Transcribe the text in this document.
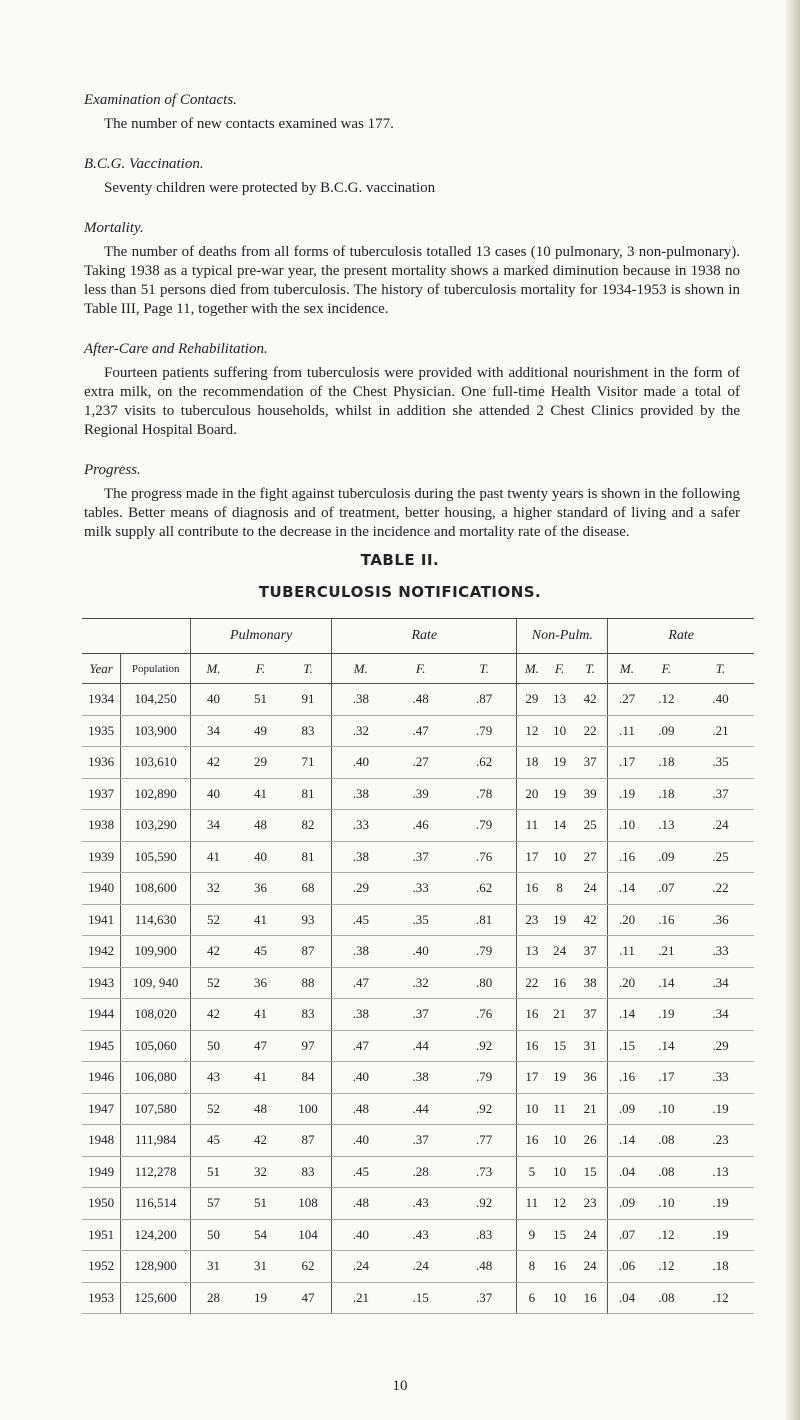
Examination of Contacts.

The number of new contacts examined was 177.

B.C.G. Vaccination.

Seventy children were protected by B.C.G. vaccination

Mortality.

The number of deaths from all forms of tuberculosis totalled 13 cases (10 pulmonary, 3 non-pulmonary). Taking 1938 as a typical pre-war year, the present mortality shows a marked diminution because in 1938 no less than 51 persons died from tuberculosis. The history of tuberculosis mortality for 1934-1953 is shown in Table III, Page 11, together with the sex incidence.

After-Care and Rehabilitation.

Fourteen patients suffering from tuberculosis were provided with additional nourishment in the form of extra milk, on the recommendation of the Chest Physician. One full-time Health Visitor made a total of 1,237 visits to tuberculous households, whilst in addition she attended 2 Chest Clinics provided by the Regional Hospital Board.

Progress.

The progress made in the fight against tuberculosis during the past twenty years is shown in the following tables. Better means of diagnosis and of treatment, better housing, a higher standard of living and a safer milk supply all contribute to the decrease in the incidence and mortality rate of the disease.

TABLE II.
TUBERCULOSIS NOTIFICATIONS.
		Pulmonary			Rate			Non-Pulm.			Rate		
Year	Population	M.	F.	T.	M.	F.	T.	M.	F.	T.	M.	F.	T.
1934	104,250	40	51	91	.38	.48	.87	29	13	42	.27	.12	.40
1935	103,900	34	49	83	.32	.47	.79	12	10	22	.11	.09	.21
1936	103,610	42	29	71	.40	.27	.62	18	19	37	.17	.18	.35
1937	102,890	40	41	81	.38	.39	.78	20	19	39	.19	.18	.37
1938	103,290	34	48	82	.33	.46	.79	11	14	25	.10	.13	.24
1939	105,590	41	40	81	.38	.37	.76	17	10	27	.16	.09	.25
1940	108,600	32	36	68	.29	.33	.62	16	8	24	.14	.07	.22
1941	114,630	52	41	93	.45	.35	.81	23	19	42	.20	.16	.36
1942	109,900	42	45	87	.38	.40	.79	13	24	37	.11	.21	.33
1943	109, 940	52	36	88	.47	.32	.80	22	16	38	.20	.14	.34
1944	108,020	42	41	83	.38	.37	.76	16	21	37	.14	.19	.34
1945	105,060	50	47	97	.47	.44	.92	16	15	31	.15	.14	.29
1946	106,080	43	41	84	.40	.38	.79	17	19	36	.16	.17	.33
1947	107,580	52	48	100	.48	.44	.92	10	11	21	.09	.10	.19
1948	111,984	45	42	87	.40	.37	.77	16	10	26	.14	.08	.23
1949	112,278	51	32	83	.45	.28	.73	5	10	15	.04	.08	.13
1950	116,514	57	51	108	.48	.43	.92	11	12	23	.09	.10	.19
1951	124,200	50	54	104	.40	.43	.83	9	15	24	.07	.12	.19
1952	128,900	31	31	62	.24	.24	.48	8	16	24	.06	.12	.18
1953	125,600	28	19	47	.21	.15	.37	6	10	16	.04	.08	.12
10
